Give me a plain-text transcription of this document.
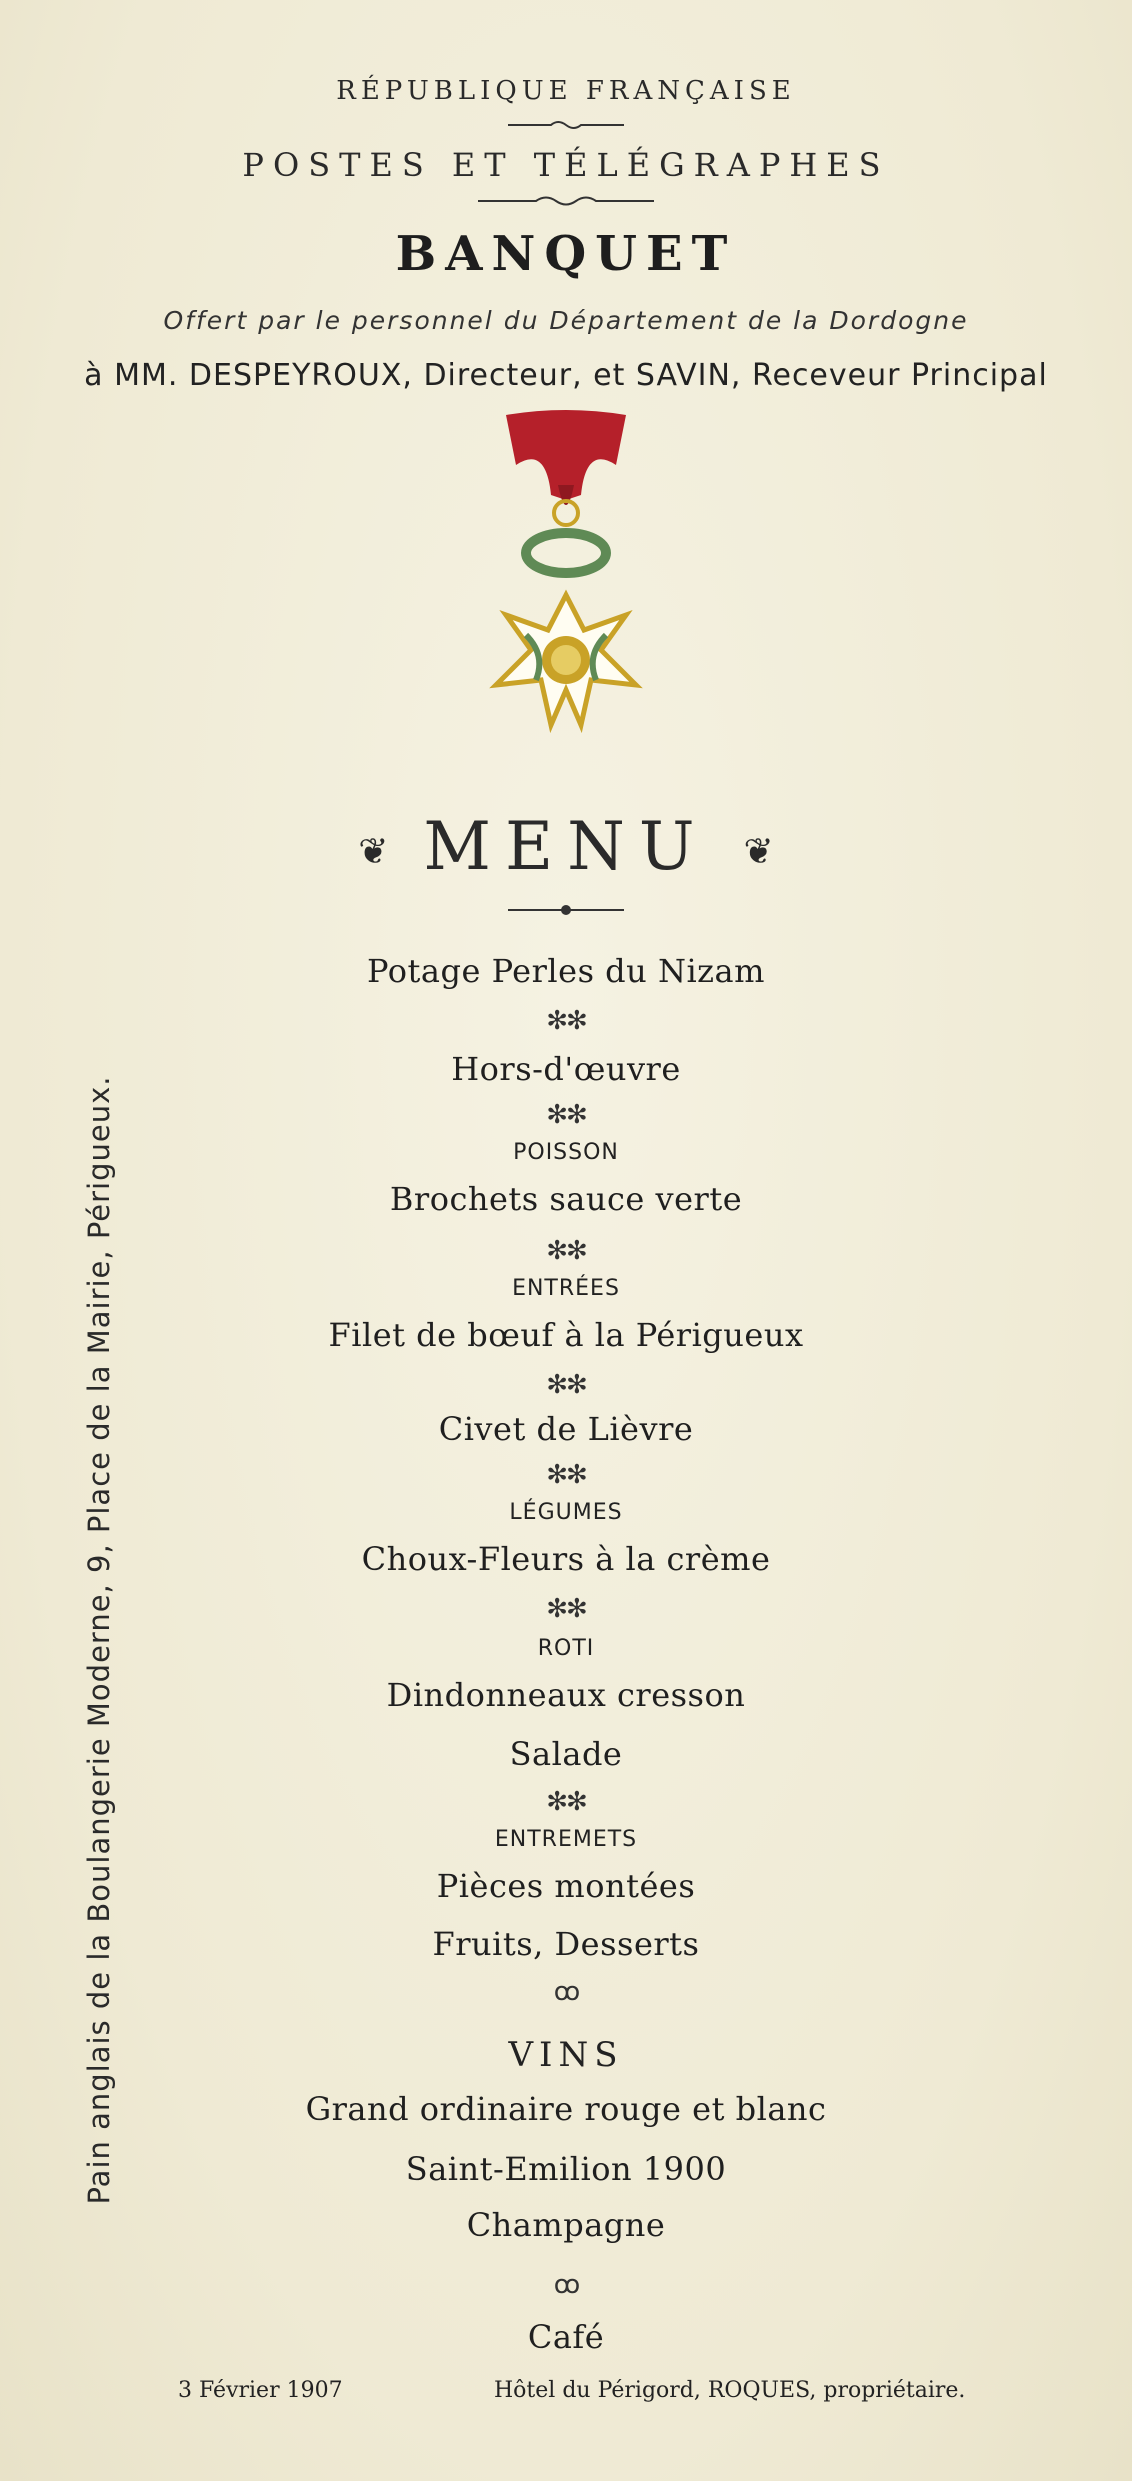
RÉPUBLIQUE FRANÇAISE
POSTES ET TÉLÉGRAPHES
BANQUET
Offert par le personnel du Département de la Dordogne
à MM. DESPEYROUX, Directeur, et SAVIN, Receveur Principal
❦ MENU ❦
Potage Perles du Nizam
✻✻
Hors-d'œuvre
✻✻
POISSON
Brochets sauce verte
✻✻
ENTRÉES
Filet de bœuf à la Périgueux
✻✻
Civet de Lièvre
✻✻
LÉGUMES
Choux-Fleurs à la crème
✻✻
ROTI
Dindonneaux cresson
Salade
✻✻
ENTREMETS
Pièces montées
Fruits, Desserts
ꝏ
VINS
Grand ordinaire rouge et blanc
Saint-Emilion 1900
Champagne
ꝏ
Café
Pain anglais de la Boulangerie Moderne, 9, Place de la Mairie, Périgueux.
3 Février 1907	Hôtel du Périgord, ROQUES, propriétaire.
